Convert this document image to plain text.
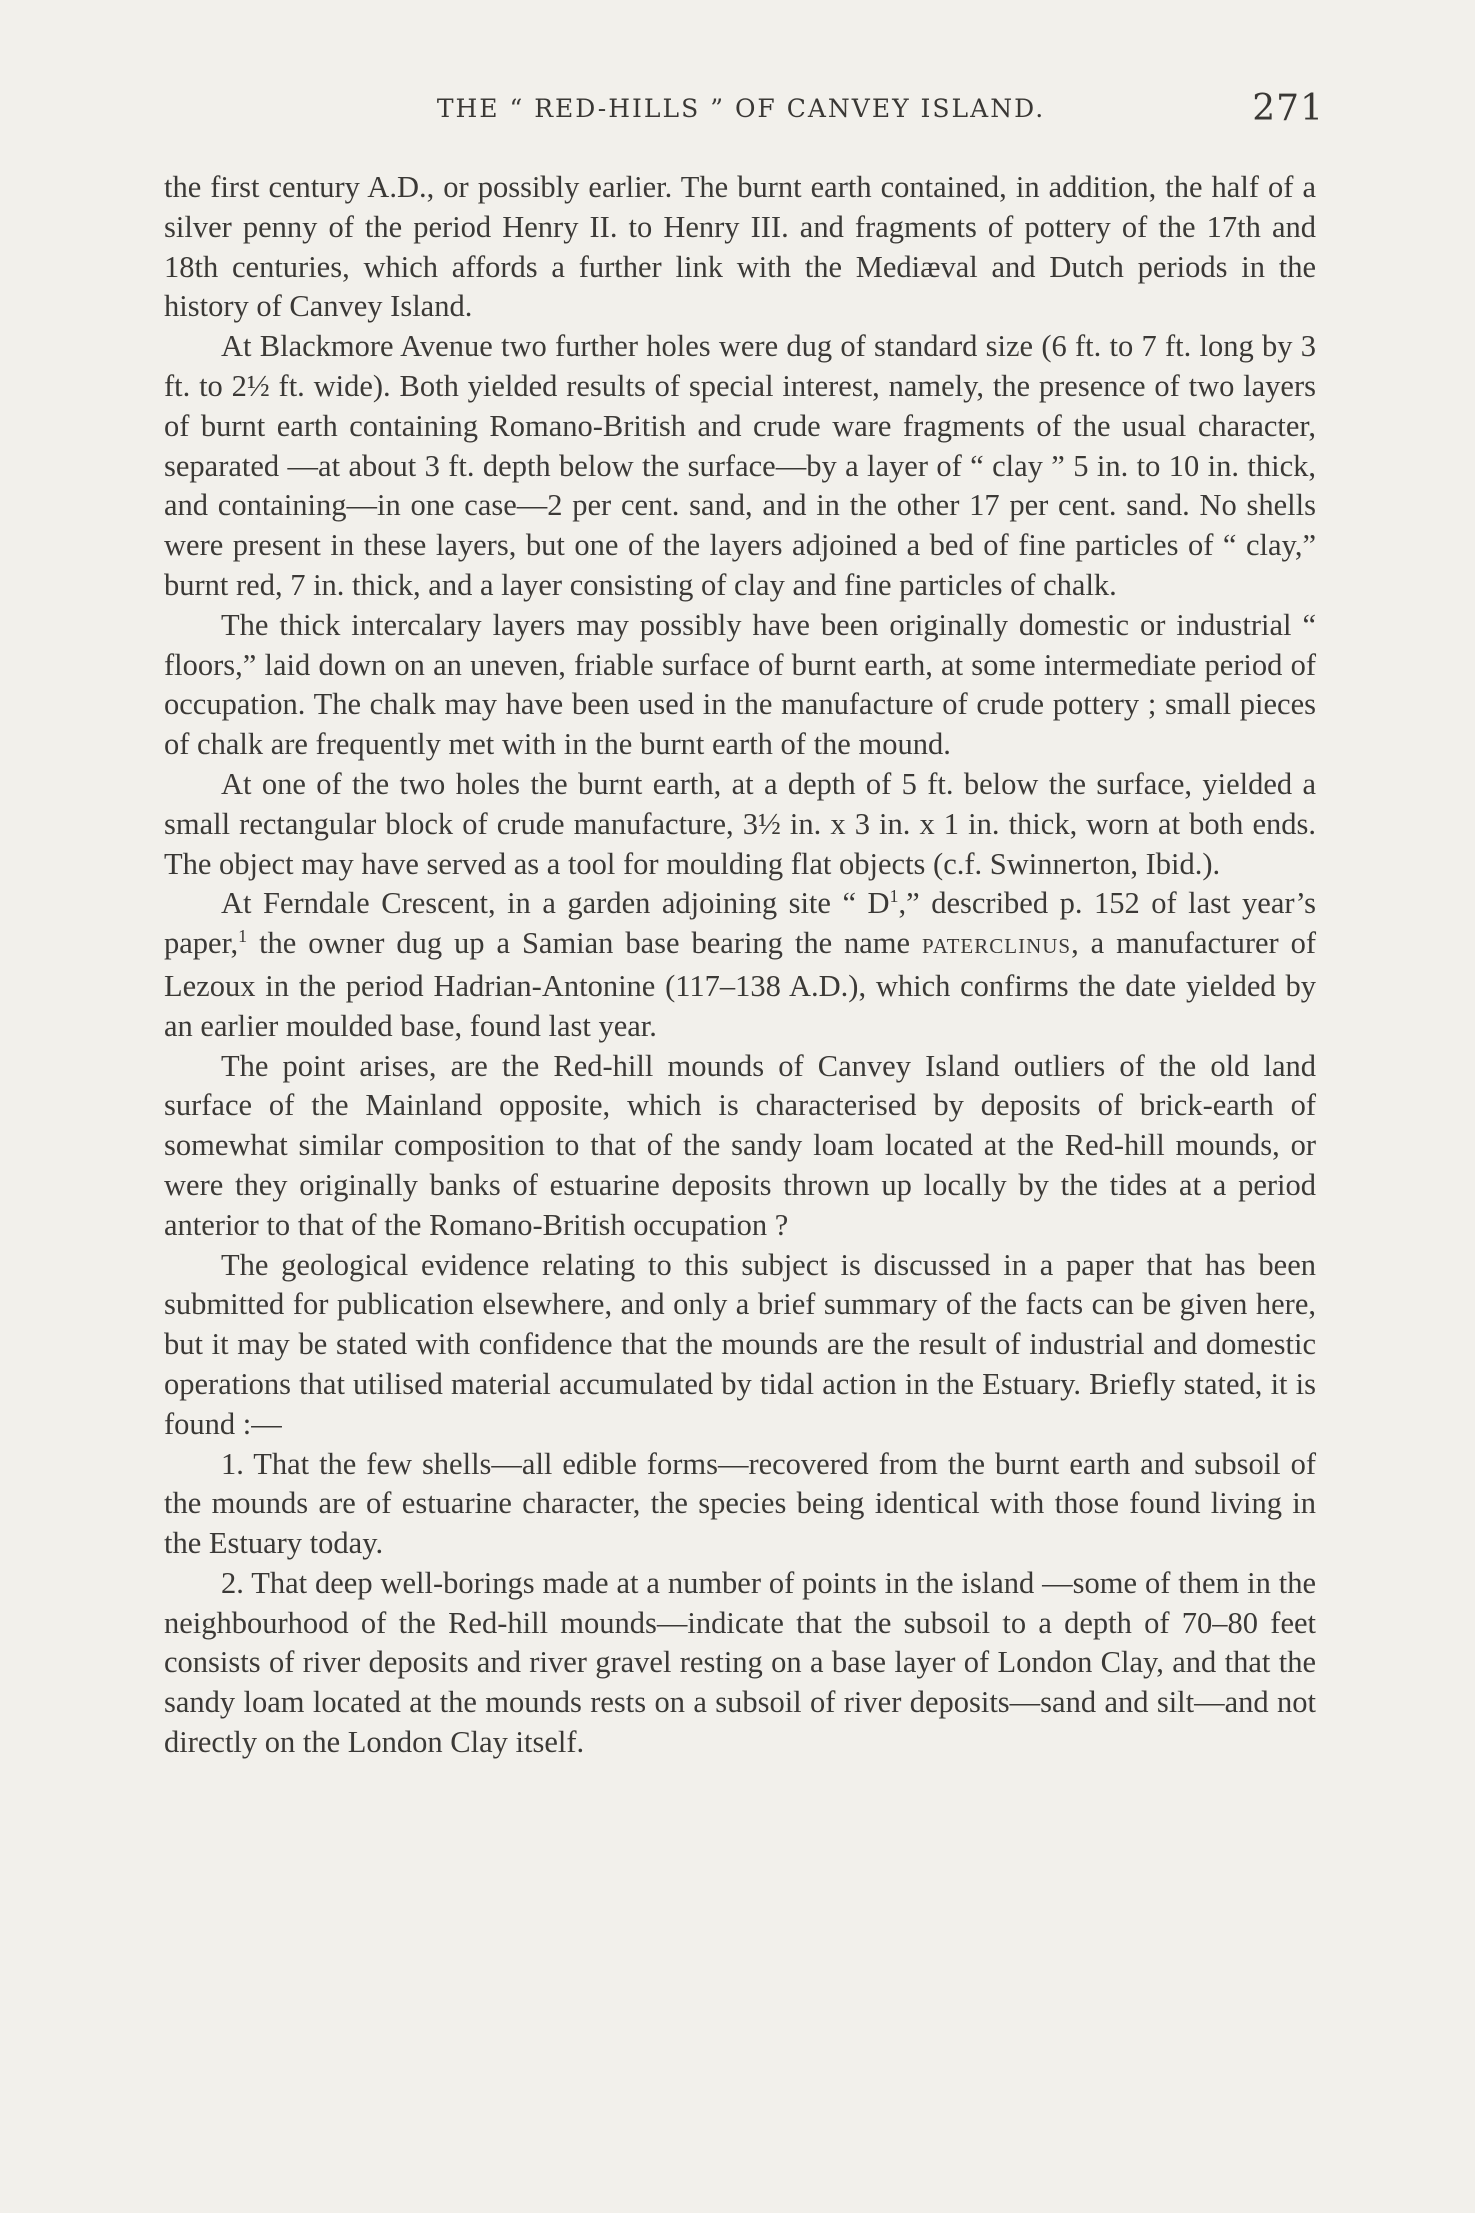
THE “ RED-HILLS ” OF CANVEY ISLAND.	271

the first century A.D., or possibly earlier. The burnt earth contained, in addition, the half of a silver penny of the period Henry II. to Henry III. and fragments of pottery of the 17th and 18th centuries, which affords a further link with the Mediæval and Dutch periods in the history of Canvey Island.

At Blackmore Avenue two further holes were dug of standard size (6 ft. to 7 ft. long by 3 ft. to 2½ ft. wide). Both yielded results of special interest, namely, the presence of two layers of burnt earth containing Romano-British and crude ware fragments of the usual character, separated —at about 3 ft. depth below the surface—by a layer of “ clay ” 5 in. to 10 in. thick, and containing—in one case—2 per cent. sand, and in the other 17 per cent. sand. No shells were present in these layers, but one of the layers adjoined a bed of fine particles of “ clay,” burnt red, 7 in. thick, and a layer consisting of clay and fine particles of chalk.

The thick intercalary layers may possibly have been originally domestic or industrial “ floors,” laid down on an uneven, friable surface of burnt earth, at some intermediate period of occupation. The chalk may have been used in the manufacture of crude pottery ; small pieces of chalk are frequently met with in the burnt earth of the mound.

At one of the two holes the burnt earth, at a depth of 5 ft. below the surface, yielded a small rectangular block of crude manufacture, 3½ in. x 3 in. x 1 in. thick, worn at both ends. The object may have served as a tool for moulding flat objects (c.f. Swinnerton, Ibid.).

At Ferndale Crescent, in a garden adjoining site “ $D^1$,” described p. 152 of last year’s paper,$^1$ the owner dug up a Samian base bearing the name PATERCLINUS, a manufacturer of Lezoux in the period Hadrian-Antonine (117–138 A.D.), which confirms the date yielded by an earlier moulded base, found last year.

The point arises, are the Red-hill mounds of Canvey Island outliers of the old land surface of the Mainland opposite, which is characterised by deposits of brick-earth of somewhat similar composition to that of the sandy loam located at the Red-hill mounds, or were they originally banks of estuarine deposits thrown up locally by the tides at a period anterior to that of the Romano-British occupation ?

The geological evidence relating to this subject is discussed in a paper that has been submitted for publication elsewhere, and only a brief summary of the facts can be given here, but it may be stated with confidence that the mounds are the result of industrial and domestic operations that utilised material accumulated by tidal action in the Estuary. Briefly stated, it is found :—

1. That the few shells—all edible forms—recovered from the burnt earth and subsoil of the mounds are of estuarine character, the species being identical with those found living in the Estuary today.

2. That deep well-borings made at a number of points in the island —some of them in the neighbourhood of the Red-hill mounds—indicate that the subsoil to a depth of 70–80 feet consists of river deposits and river gravel resting on a base layer of London Clay, and that the sandy loam located at the mounds rests on a subsoil of river deposits—sand and silt—and not directly on the London Clay itself.
